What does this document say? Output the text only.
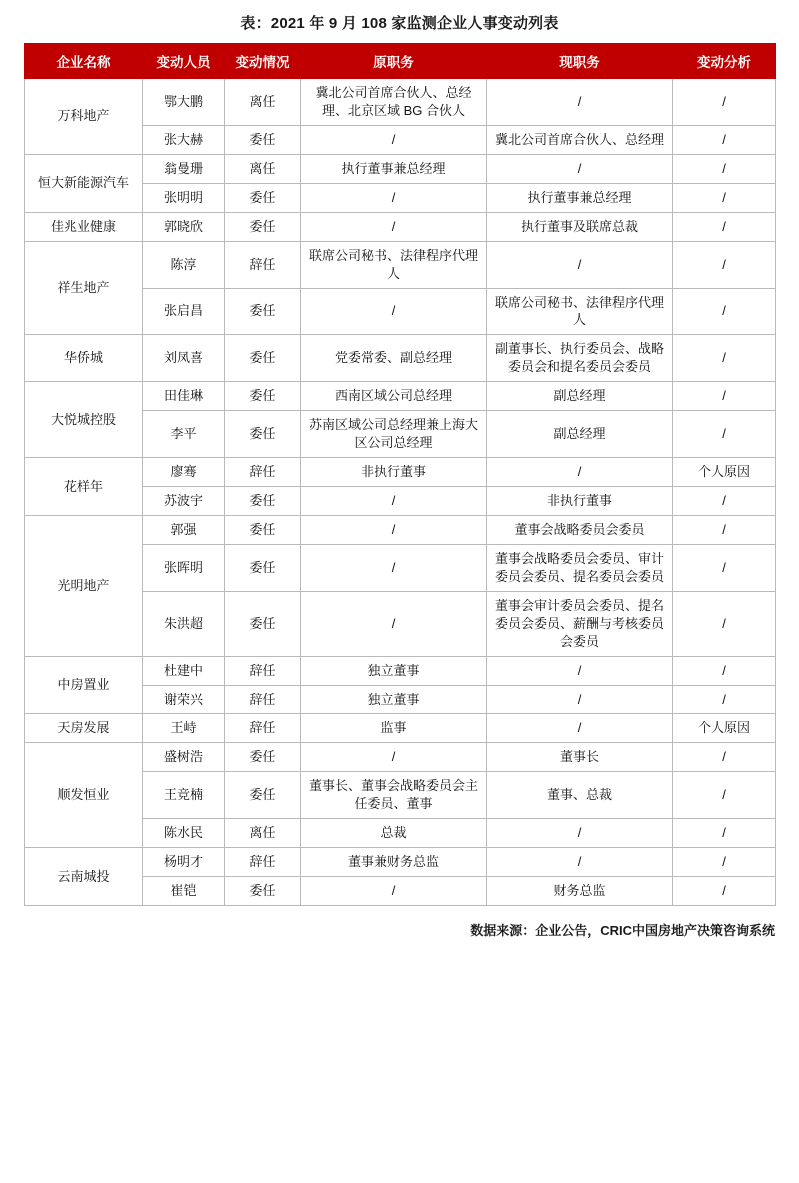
表：2021 年 9 月 108 家监测企业人事变动列表
企业名称	变动人员	变动情况	原职务	现职务	变动分析
万科地产	鄂大鹏	离任	冀北公司首席合伙人、总经理、北京区域 BG 合伙人	/	/
	张大赫	委任	/	冀北公司首席合伙人、总经理	/
恒大新能源汽车	翁曼珊	离任	执行董事兼总经理	/	/
	张明明	委任	/	执行董事兼总经理	/
佳兆业健康	郭晓欣	委任	/	执行董事及联席总裁	/
祥生地产	陈淳	辞任	联席公司秘书、法律程序代理人	/	/
	张启昌	委任	/	联席公司秘书、法律程序代理人	/
华侨城	刘凤喜	委任	党委常委、副总经理	副董事长、执行委员会、战略委员会和提名委员会委员	/
大悦城控股	田佳琳	委任	西南区域公司总经理	副总经理	/
	李平	委任	苏南区域公司总经理兼上海大区公司总经理	副总经理	/
花样年	廖骞	辞任	非执行董事	/	个人原因
	苏波宇	委任	/	非执行董事	/
光明地产	郭强	委任	/	董事会战略委员会委员	/
	张晖明	委任	/	董事会战略委员会委员、审计委员会委员、提名委员会委员	/
	朱洪超	委任	/	董事会审计委员会委员、提名委员会委员、薪酬与考核委员会委员	/
中房置业	杜建中	辞任	独立董事	/	/
	谢荣兴	辞任	独立董事	/	/
天房发展	王峙	辞任	监事	/	个人原因
顺发恒业	盛树浩	委任	/	董事长	/
	王竞楠	委任	董事长、董事会战略委员会主任委员、董事	董事、总裁	/
	陈水民	离任	总裁	/	/
云南城投	杨明才	辞任	董事兼财务总监	/	/
	崔铠	委任	/	财务总监	/
数据来源：企业公告，CRIC中国房地产决策咨询系统
